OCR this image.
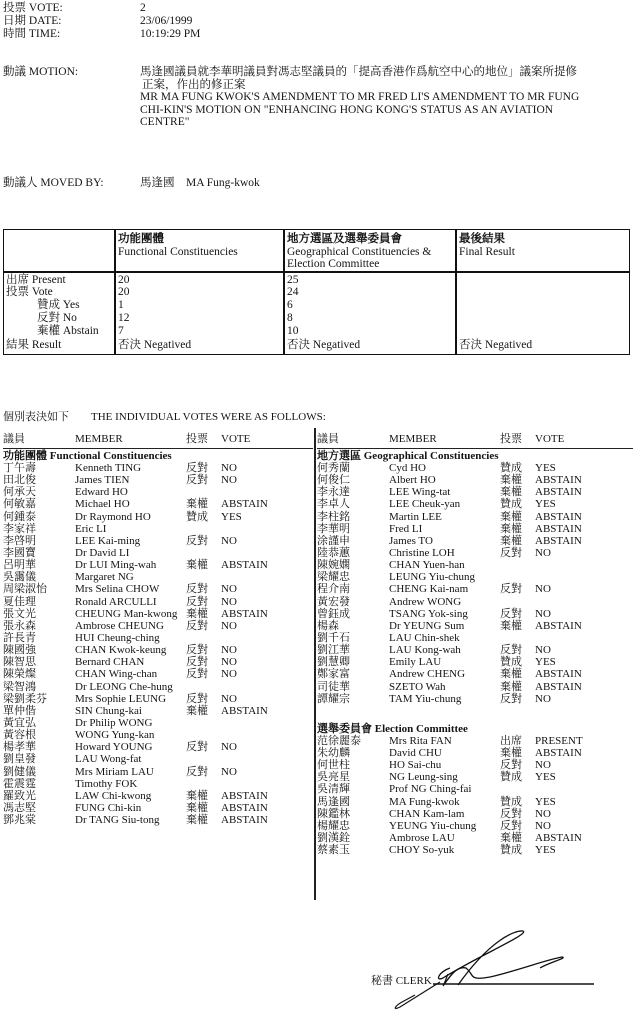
投票 VOTE:	2
日期 DATE:	23/06/1999
時間 TIME:	10:19:29 PM
動議 MOTION:	馬逢國議員就李華明議員對馮志堅議員的「提高香港作爲航空中心的地位」議案所提修
正案，作出的修正案
MR MA FUNG KWOK'S AMENDMENT TO MR FRED LI'S AMENDMENT TO MR FUNG
CHI-KIN'S MOTION ON "ENHANCING HONG KONG'S STATUS AS AN AVIATION
CENTRE"
動議人 MOVED BY:	馬逢國　MA Fung-kwok
功能團體
Functional Constituencies
地方選區及選舉委員會
Geographical Constituencies &
Election Committee
最後結果
Final Result
出席 Present	20	25
投票 Vote	20	24
贊成 Yes	1	6
反對 No	12	8
棄權 Abstain 7	10
結果 Result	否決 Negatived	否決 Negatived	否決 Negatived
個別表決如下 THE INDIVIDUAL VOTES WERE AS FOLLOWS:
議員	MEMBER	投票 VOTE
功能團體 Functional Constituencies
丁午壽	Kenneth TING	反對 NO
田北俊	James TIEN	反對 NO
何承天	Edward HO
何敏嘉	Michael HO	棄權 ABSTAIN
何鍾泰	Dr Raymond HO	贊成 YES
李家祥	Eric LI
李啓明	LEE Kai-ming	反對 NO
李國寶	Dr David LI
呂明華	Dr LUI Ming-wah	棄權 ABSTAIN
吳靄儀	Margaret NG
周梁淑怡	Mrs Selina CHOW 反對 NO
夏佳理	Ronald ARCULLI	反對 NO
張文光	CHEUNG Man-kwong 棄權 ABSTAIN
張永森	Ambrose CHEUNG 反對 NO
許長青	HUI Cheung-ching
陳國強	CHAN Kwok-keung 反對 NO
陳智思	Bernard CHAN	反對 NO
陳榮燦	CHAN Wing-chan	反對 NO
梁智鴻	Dr LEONG Che-hung
梁劉柔芬	Mrs Sophie LEUNG 反對 NO
單仲偕	SIN Chung-kai	棄權 ABSTAIN
黃宜弘	Dr Philip WONG
黃容根	WONG Yung-kan
楊孝華	Howard YOUNG	反對 NO
劉皇發	LAU Wong-fat
劉健儀	Mrs Miriam LAU	反對 NO
霍震霆	Timothy FOK
羅致光	LAW Chi-kwong	棄權 ABSTAIN
馮志堅	FUNG Chi-kin	棄權 ABSTAIN
鄧兆棠	Dr TANG Siu-tong 棄權 ABSTAIN
議員	MEMBER	投票 VOTE
地方選區 Geographical Constituencies
何秀蘭	Cyd HO	贊成 YES
何俊仁	Albert HO	棄權 ABSTAIN
李永達	LEE Wing-tat	棄權 ABSTAIN
李卓人	LEE Cheuk-yan	贊成 YES
李柱銘	Martin LEE	棄權 ABSTAIN
李華明	Fred LI	棄權 ABSTAIN
涂謹申	James TO	棄權 ABSTAIN
陸恭蕙	Christine LOH	反對 NO
陳婉嫻	CHAN Yuen-han
梁耀忠	LEUNG Yiu-chung
程介南	CHENG Kai-nam	反對 NO
黃宏發	Andrew WONG
曾鈺成	TSANG Yok-sing	反對 NO
楊森	Dr YEUNG Sum	棄權 ABSTAIN
劉千石	LAU Chin-shek
劉江華	LAU Kong-wah	反對 NO
劉慧卿	Emily LAU	贊成 YES
鄭家富	Andrew CHENG	棄權 ABSTAIN
司徒華	SZETO Wah	棄權 ABSTAIN
譚耀宗	TAM Yiu-chung	反對 NO
選舉委員會 Election Committee
范徐麗泰	Mrs Rita FAN	出席 PRESENT
朱幼麟	David CHU	棄權 ABSTAIN
何世柱	HO Sai-chu	反對 NO
吳亮星	NG Leung-sing	贊成 YES
吳清輝	Prof NG Ching-fai
馬逢國	MA Fung-kwok	贊成 YES
陳鑑林	CHAN Kam-lam	反對 NO
楊耀忠	YEUNG Yiu-chung 反對 NO
劉漢銓	Ambrose LAU	棄權 ABSTAIN
蔡素玉	CHOY So-yuk	贊成 YES
秘書 CLERK
